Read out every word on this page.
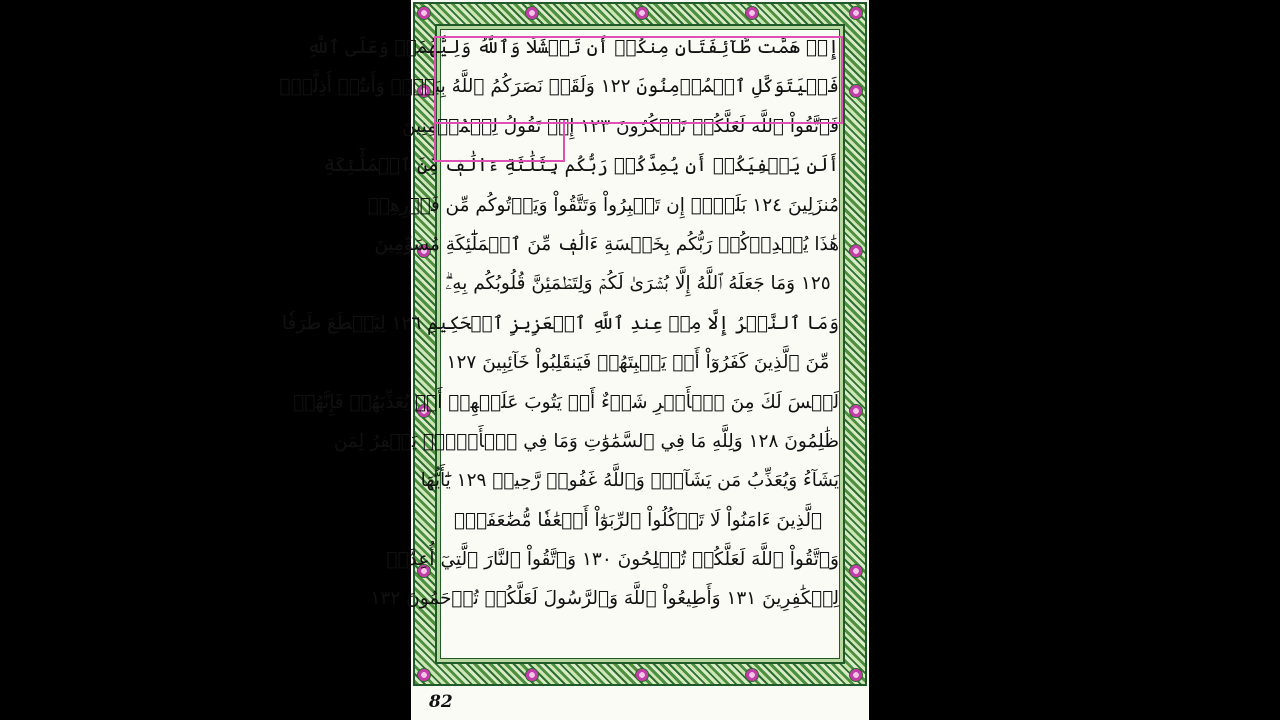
إِذۡ هَمَّت طَّآئِفَتَانِ مِنكُمۡ أَن تَفۡشَلَا وَٱللَّهُ وَلِيُّهُمَاۗ وَعَلَى ٱللَّهِ
فَلۡيَتَوَكَّلِ ٱلۡمُؤۡمِنُونَ ١٢٢ وَلَقَدۡ نَصَرَكُمُ ٱللَّهُ بِبَدۡرٖ وَأَنتُمۡ أَذِلَّةٞۖ
فَٱتَّقُواْ ٱللَّهَ لَعَلَّكُمۡ تَشۡكُرُونَ ١٢٣ إِذۡ تَقُولُ لِلۡمُؤۡمِنِينَ
أَلَن يَكۡفِيَكُمۡ أَن يُمِدَّكُمۡ رَبُّكُم بِثَلَٰثَةِ ءَالَٰفٖ مِّنَ ٱلۡمَلَٰٓئِكَةِ
مُنزَلِينَ ١٢٤ بَلَىٰٓۚ إِن تَصۡبِرُواْ وَتَتَّقُواْ وَيَأۡتُوكُم مِّن فَوۡرِهِمۡ
هَٰذَا يُمۡدِدۡكُمۡ رَبُّكُم بِخَمۡسَةِ ءَالَٰفٖ مِّنَ ٱلۡمَلَٰٓئِكَةِ مُسَوِّمِينَ
١٢٥ وَمَا جَعَلَهُ ٱللَّهُ إِلَّا بُشۡرَىٰ لَكُمۡ وَلِتَطۡمَئِنَّ قُلُوبُكُم بِهِۦۗ
وَمَا ٱلنَّصۡرُ إِلَّا مِنۡ عِندِ ٱللَّهِ ٱلۡعَزِيزِ ٱلۡحَكِيمِ ١٢٦ لِيَقۡطَعَ طَرَفٗا
مِّنَ ٱلَّذِينَ كَفَرُوٓاْ أَوۡ يَكۡبِتَهُمۡ فَيَنقَلِبُواْ خَآئِبِينَ ١٢٧
لَيۡسَ لَكَ مِنَ ٱلۡأَمۡرِ شَيۡءٌ أَوۡ يَتُوبَ عَلَيۡهِمۡ أَوۡ يُعَذِّبَهُمۡ فَإِنَّهُمۡ
ظَٰلِمُونَ ١٢٨ وَلِلَّهِ مَا فِي ٱلسَّمَٰوَٰتِ وَمَا فِي ٱلۡأَرۡضِۚ يَغۡفِرُ لِمَن
يَشَآءُ وَيُعَذِّبُ مَن يَشَآءُۚ وَٱللَّهُ غَفُورٞ رَّحِيمٞ ١٢٩ يَٰٓأَيُّهَا
ٱلَّذِينَ ءَامَنُواْ لَا تَأۡكُلُواْ ٱلرِّبَوٰٓاْ أَضۡعَٰفٗا مُّضَٰعَفَةٗۖ
وَٱتَّقُواْ ٱللَّهَ لَعَلَّكُمۡ تُفۡلِحُونَ ١٣٠ وَٱتَّقُواْ ٱلنَّارَ ٱلَّتِيٓ أُعِدَّتۡ
لِلۡكَٰفِرِينَ ١٣١ وَأَطِيعُواْ ٱللَّهَ وَٱلرَّسُولَ لَعَلَّكُمۡ تُرۡحَمُونَ ١٣٢
82
